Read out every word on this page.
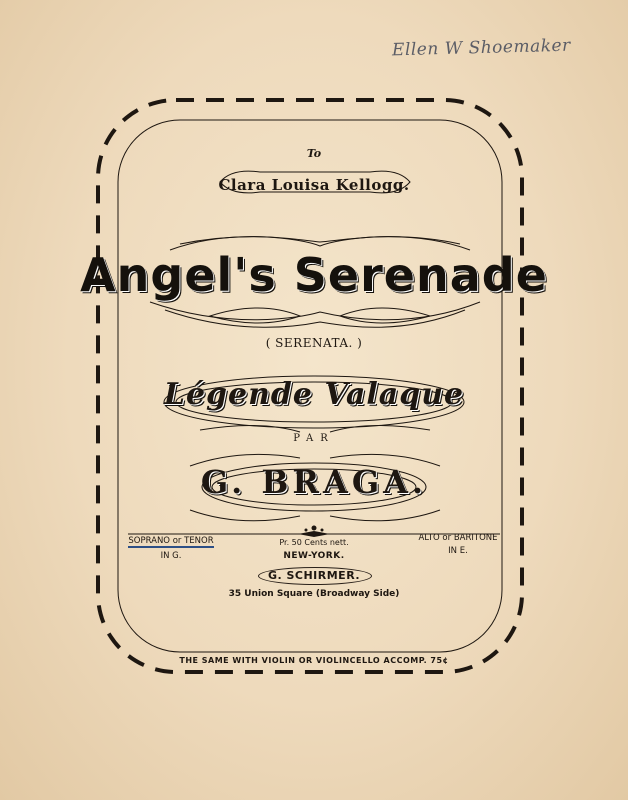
Ellen W Shoemaker
To
Clara Louisa Kellogg.
Angel's Serenade
( SERENATA. )
Légende Valaque
PAR
G. BRAGA.
SOPRANO or TENOR
IN G.
ALTO or BARITONE
IN E.
Pr. 50 Cents nett.
NEW-YORK.
G. SCHIRMER.
35 Union Square (Broadway Side)
THE SAME WITH VIOLIN OR VIOLINCELLO ACCOMP. 75¢
